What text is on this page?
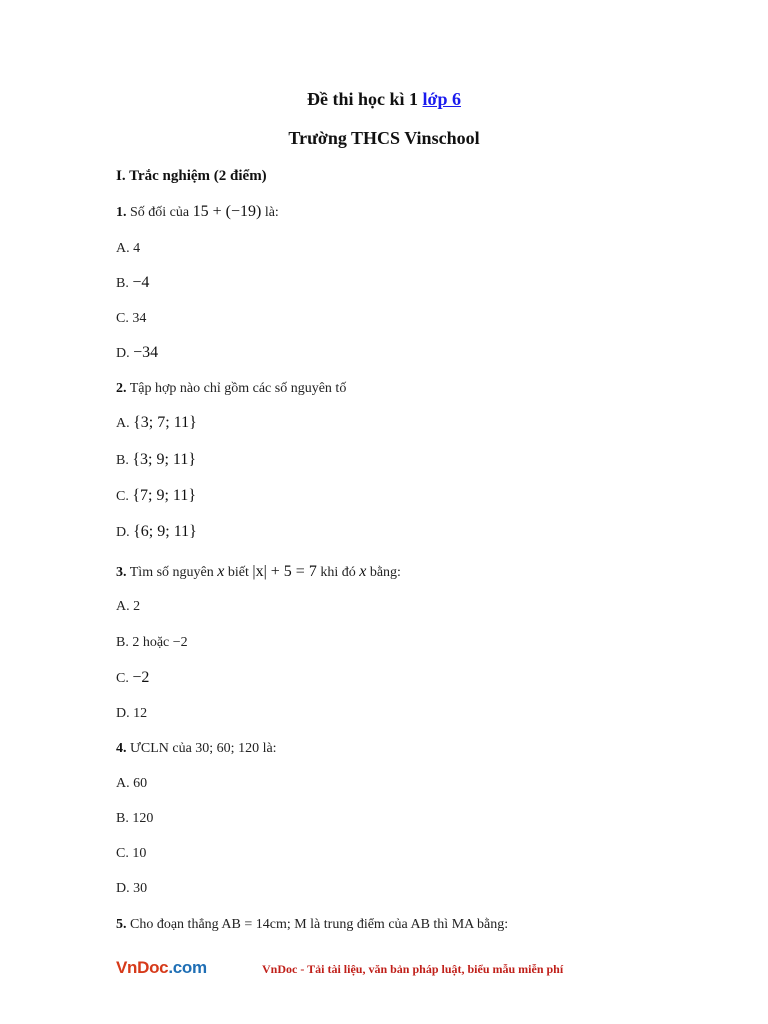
Đề thi học kì 1 lớp 6
Trường THCS Vinschool
I. Trắc nghiệm (2 điểm)
1. Số đối của 15 + (−19) là:
A. 4
B. −4
C. 34
D. −34
2. Tập hợp nào chỉ gồm các số nguyên tố
A. {3; 7; 11}
B. {3; 9; 11}
C. {7; 9; 11}
D. {6; 9; 11}
3. Tìm số nguyên x biết |x| + 5 = 7 khi đó x bằng:
A. 2
B. 2 hoặc −2
C. −2
D. 12
4. ƯCLN của 30; 60; 120 là:
A. 60
B. 120
C. 10
D. 30
5. Cho đoạn thẳng AB = 14cm; M là trung điểm của AB thì MA bằng:
VnDoc.com	VnDoc - Tải tài liệu, văn bản pháp luật, biểu mẫu miễn phí
